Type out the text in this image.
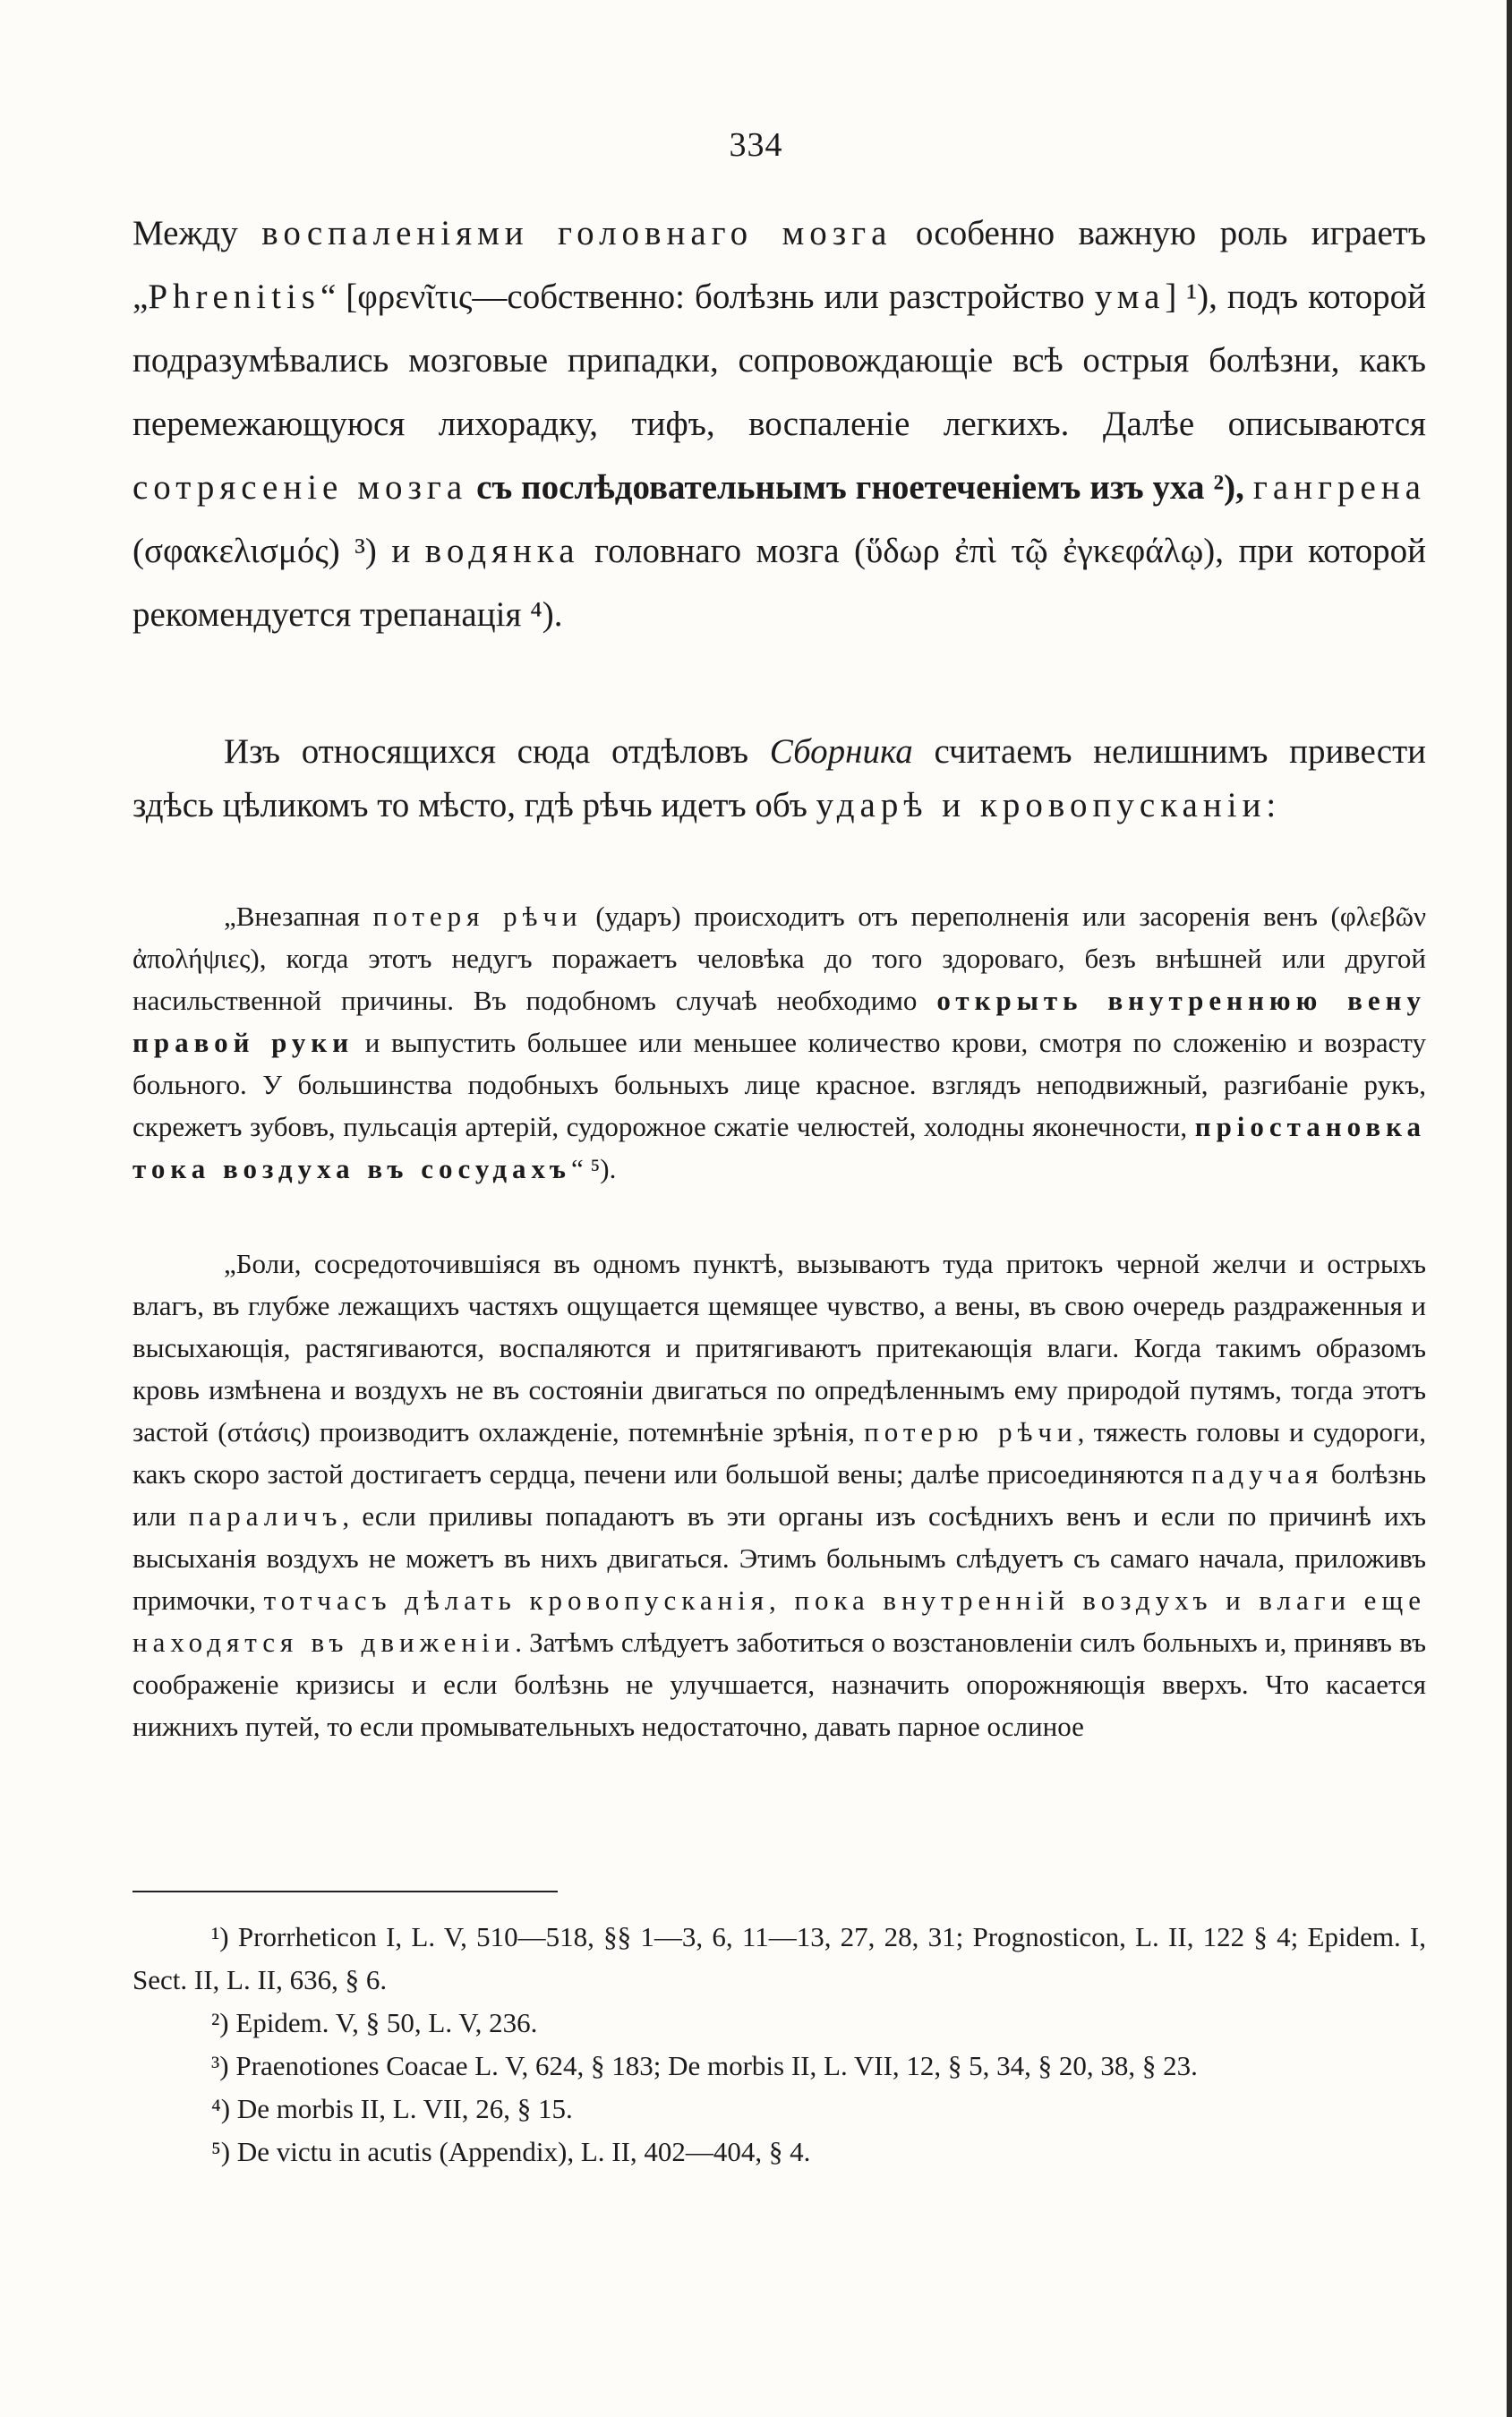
334

Между воспаленіями головнаго мозга особенно важную роль играетъ „Phrenitis“ [φρενῖτις—собственно: болѣзнь или разстройство ума] ¹), подъ которой подразумѣвались мозговые припадки, сопровождающіе всѣ острыя болѣзни, какъ перемежающуюся лихорадку, тифъ, воспаленіе легкихъ. Далѣе описываются сотрясеніе мозга съ послѣдовательнымъ гноетеченіемъ изъ уха ²), гангрена (σφακελισμός) ³) и водянка головнаго мозга (ὕδωρ ἐπὶ τῷ ἐγκεφάλῳ), при которой рекомендуется трепанація ⁴).

Изъ относящихся сюда отдѣловъ Сборника считаемъ нелишнимъ привести здѣсь цѣликомъ то мѣсто, гдѣ рѣчь идетъ объ ударѣ и кровопусканіи:

„Внезапная потеря рѣчи (ударъ) происходитъ отъ переполненія или засоренія венъ (φλεβῶν ἀπολήψιες), когда этотъ недугъ поражаетъ человѣка до того здороваго, безъ внѣшней или другой насильственной причины. Въ подобномъ случаѣ необходимо открыть внутреннюю вену правой руки и выпустить большее или меньшее количество крови, смотря по сложенію и возрасту больного. У большинства подобныхъ больныхъ лице красное. взглядъ неподвижный, разгибаніе рукъ, скрежетъ зубовъ, пульсація артерій, судорожное сжатіе челюстей, холодны яконечности, пріостановка тока воздуха въ сосудахъ“ ⁵).

„Боли, сосредоточившіяся въ одномъ пунктѣ, вызываютъ туда притокъ черной желчи и острыхъ влагъ, въ глубже лежащихъ частяхъ ощущается щемящее чувство, а вены, въ свою очередь раздраженныя и высыхающія, растягиваются, воспаляются и притягиваютъ притекающія влаги. Когда такимъ образомъ кровь измѣнена и воздухъ не въ состояніи двигаться по опредѣленнымъ ему природой путямъ, тогда этотъ застой (στάσις) производитъ охлажденіе, потемнѣніе зрѣнія, потерю рѣчи, тяжесть головы и судороги, какъ скоро застой достигаетъ сердца, печени или большой вены; далѣе присоединяются падучая болѣзнь или параличъ, если приливы попадаютъ въ эти органы изъ сосѣднихъ венъ и если по причинѣ ихъ высыханія воздухъ не можетъ въ нихъ двигаться. Этимъ больнымъ слѣдуетъ съ самаго начала, приложивъ примочки, тотчасъ дѣлать кровопусканія, пока внутренній воздухъ и влаги еще находятся въ движеніи. Затѣмъ слѣдуетъ заботиться о возстановленіи силъ больныхъ и, принявъ въ соображеніе кризисы и если болѣзнь не улучшается, назначить опорожняющія вверхъ. Что касается нижнихъ путей, то если промывательныхъ недостаточно, давать парное ослиное

¹) Prorrheticon I, L. V, 510—518, §§ 1—3, 6, 11—13, 27, 28, 31; Prognosticon, L. II, 122 § 4; Epidem. I, Sect. II, L. II, 636, § 6.

²) Epidem. V, § 50, L. V, 236.

³) Praenotiones Coacae L. V, 624, § 183; De morbis II, L. VII, 12, § 5, 34, § 20, 38, § 23.

⁴) De morbis II, L. VII, 26, § 15.

⁵) De victu in acutis (Appendix), L. II, 402—404, § 4.
